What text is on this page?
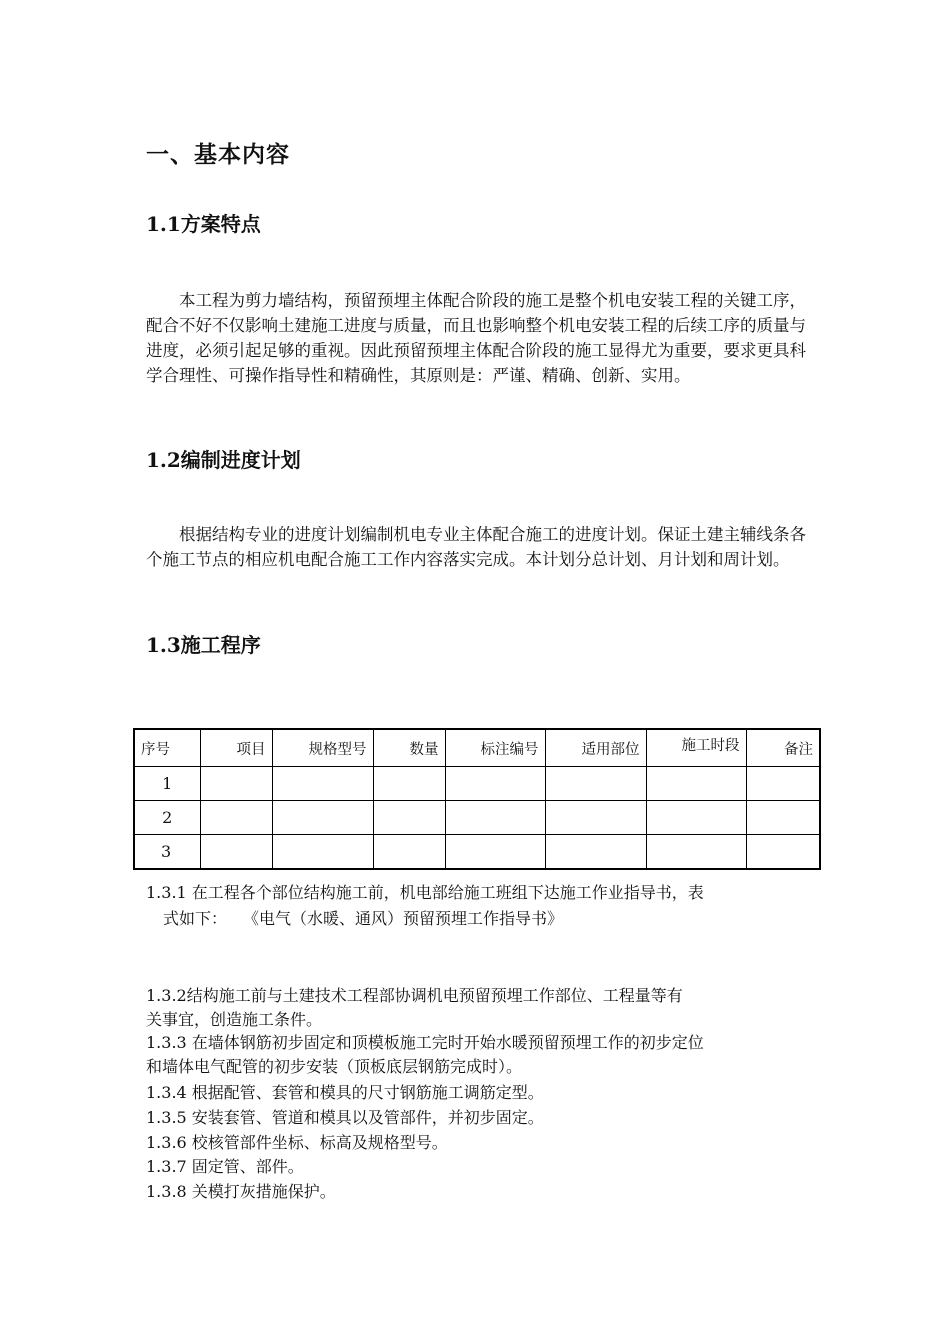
一、基本内容
1.1方案特点
本工程为剪力墙结构，预留预埋主体配合阶段的施工是整个机电安装工程的关键工序，配合不好不仅影响土建施工进度与质量，而且也影响整个机电安装工程的后续工序的质量与进度，必须引起足够的重视。因此预留预埋主体配合阶段的施工显得尤为重要，要求更具科学合理性、可操作指导性和精确性，其原则是：严谨、精确、创新、实用。
1.2编制进度计划
根据结构专业的进度计划编制机电专业主体配合施工的进度计划。保证土建主辅线条各个施工节点的相应机电配合施工工作内容落实完成。本计划分总计划、月计划和周计划。
1.3施工程序
序号	项目	规格型号	数量	标注编号	适用部位	施工时段	备注
1							
2							
3							
1.3.1 在工程各个部位结构施工前，机电部给施工班组下达施工作业指导书，表
式如下：　　《电气（水暖、通风）预留预埋工作指导书》
1.3.2结构施工前与土建技术工程部协调机电预留预埋工作部位、工程量等有
关事宜，创造施工条件。
1.3.3 在墙体钢筋初步固定和顶模板施工完时开始水暖预留预埋工作的初步定位
和墙体电气配管的初步安装（顶板底层钢筋完成时）。
1.3.4 根据配管、套管和模具的尺寸钢筋施工调筋定型。
1.3.5 安装套管、管道和模具以及管部件，并初步固定。
1.3.6 校核管部件坐标、标高及规格型号。
1.3.7 固定管、部件。
1.3.8 关模打灰措施保护。
